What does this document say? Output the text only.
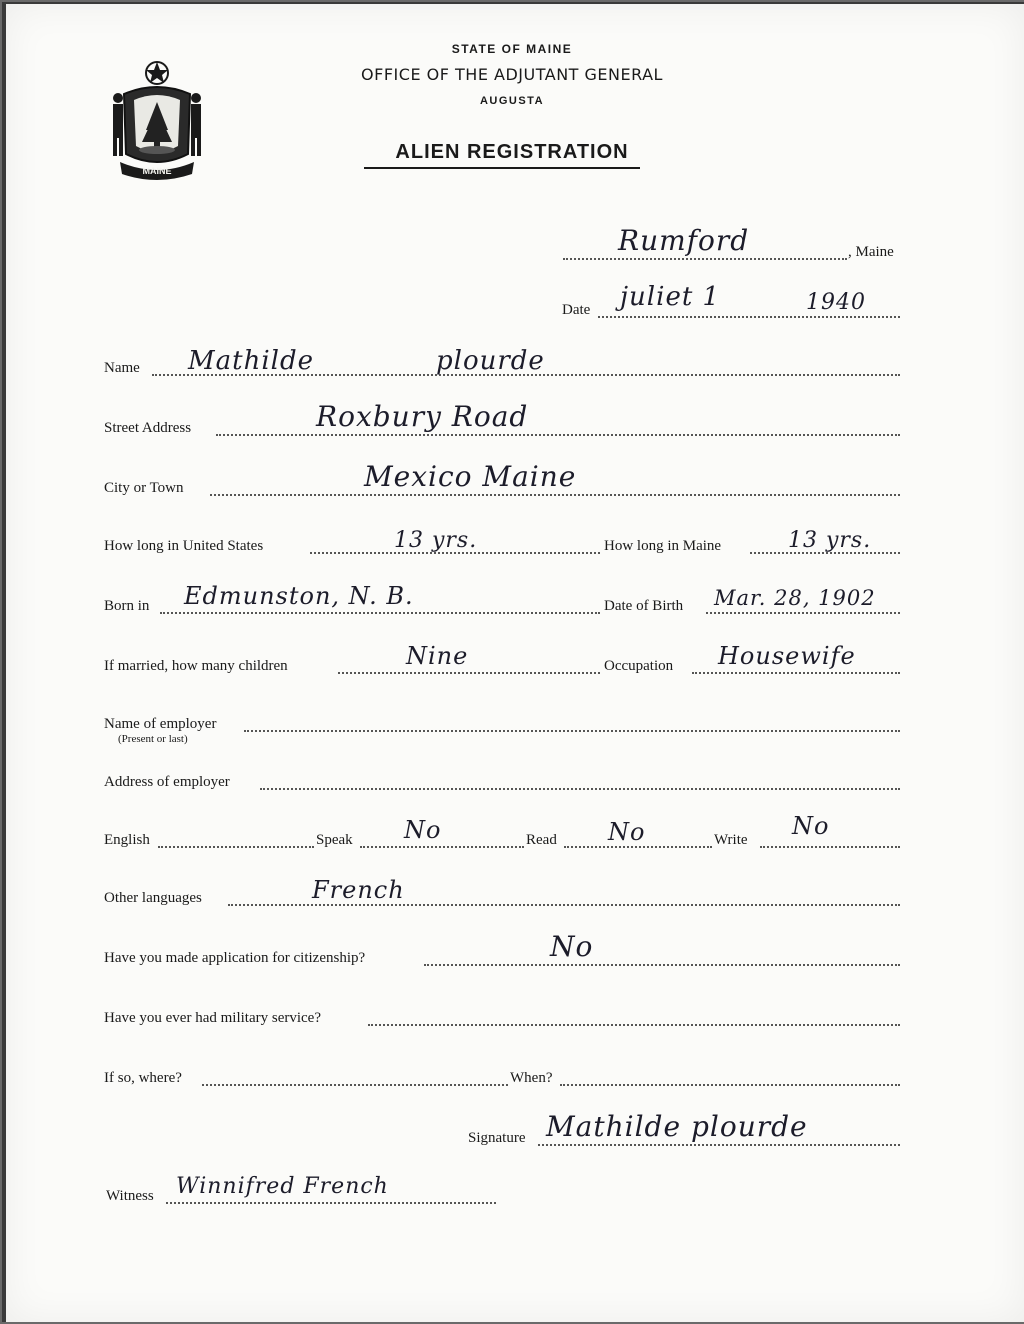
MAINE
STATE OF MAINE
OFFICE OF THE ADJUTANT GENERAL
AUGUSTA
ALIEN REGISTRATION
Rumford	, Maine
Date juliet 1	1940
Name Mathilde	plourde
Street Address	Roxbury Road
City or Town	Mexico Maine
How long in United States	13 yrs.	How long in Maine	13 yrs.
Born in Edmunston, N. B.	Date of Birth Mar. 28, 1902
If married, how many children	Nine	Occupation Housewife
Name of employer
(Present or last)
Address of employer
English	Speak No	Read No	Write No
Other languages	French
Have you made application for citizenship?	No
Have you ever had military service?
If so, where?	When?
Signature Mathilde plourde
Witness Winnifred French
